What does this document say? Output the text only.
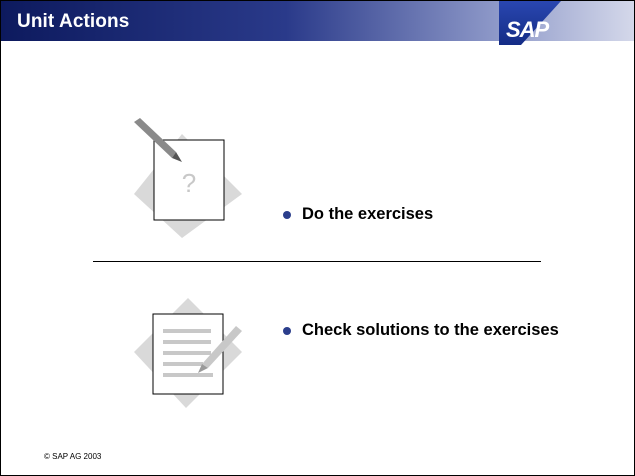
Unit Actions	SAP
?
Do the exercises
Check solutions to the exercises
© SAP AG 2003
